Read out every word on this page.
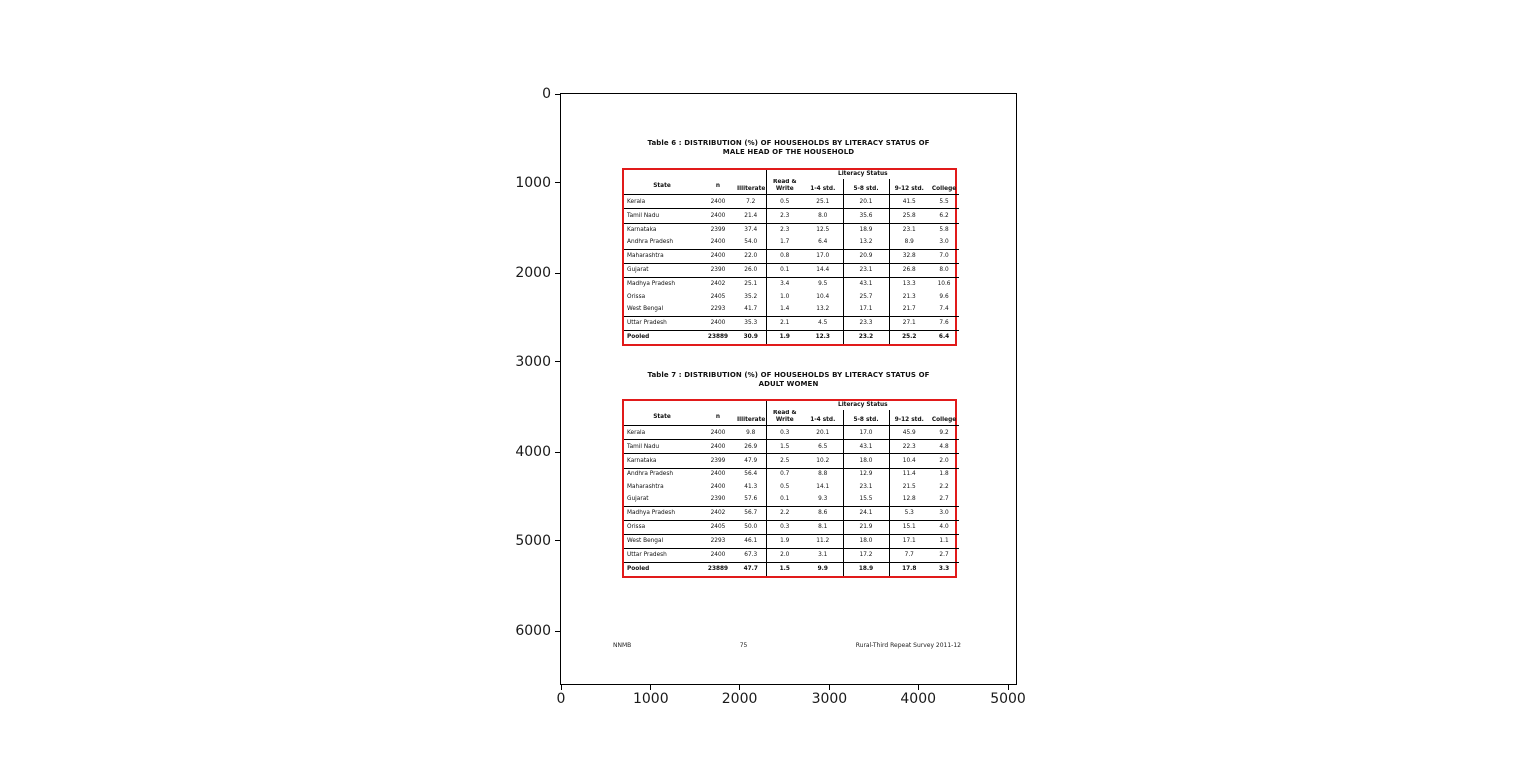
Table 6 : DISTRIBUTION (%) OF HOUSEHOLDS BY LITERACY STATUS OF
MALE HEAD OF THE HOUSEHOLD
			Literacy Status				
State	n	Illiterate	Read & Write	1-4 std.	5-8 std.	9-12 std.	College
Kerala	2400	7.2	0.5	25.1	20.1	41.5	5.5
Tamil Nadu	2400	21.4	2.3	8.0	35.6	25.8	6.2
Karnataka	2399	37.4	2.3	12.5	18.9	23.1	5.8
Andhra Pradesh	2400	54.0	1.7	6.4	13.2	8.9	3.0
Maharashtra	2400	22.0	0.8	17.0	20.9	32.8	7.0
Gujarat	2390	26.0	0.1	14.4	23.1	26.8	8.0
Madhya Pradesh	2402	25.1	3.4	9.5	43.1	13.3	10.6
Orissa	2405	35.2	1.0	10.4	25.7	21.3	9.6
West Bengal	2293	41.7	1.4	13.2	17.1	21.7	7.4
Uttar Pradesh	2400	35.3	2.1	4.5	23.3	27.1	7.6
Pooled	23889	30.9	1.9	12.3	23.2	25.2	6.4
Table 7 : DISTRIBUTION (%) OF HOUSEHOLDS BY LITERACY STATUS OF
ADULT WOMEN
			Literacy Status				
State	n	Illiterate	Read & Write	1-4 std.	5-8 std.	9-12 std.	College
Kerala	2400	9.8	0.3	20.1	17.0	45.9	9.2
Tamil Nadu	2400	26.9	1.5	6.5	43.1	22.3	4.8
Karnataka	2399	47.9	2.5	10.2	18.0	10.4	2.0
Andhra Pradesh	2400	56.4	0.7	8.8	12.9	11.4	1.8
Maharashtra	2400	41.3	0.5	14.1	23.1	21.5	2.2
Gujarat	2390	57.6	0.1	9.3	15.5	12.8	2.7
Madhya Pradesh	2402	56.7	2.2	8.6	24.1	5.3	3.0
Orissa	2405	50.0	0.3	8.1	21.9	15.1	4.0
West Bengal	2293	46.1	1.9	11.2	18.0	17.1	1.1
Uttar Pradesh	2400	67.3	2.0	3.1	17.2	7.7	2.7
Pooled	23889	47.7	1.5	9.9	18.9	17.8	3.3
NNMB	75	Rural-Third Repeat Survey 2011-12
0
1000
2000
3000
4000
5000
6000
0	1000	2000	3000	4000	5000
